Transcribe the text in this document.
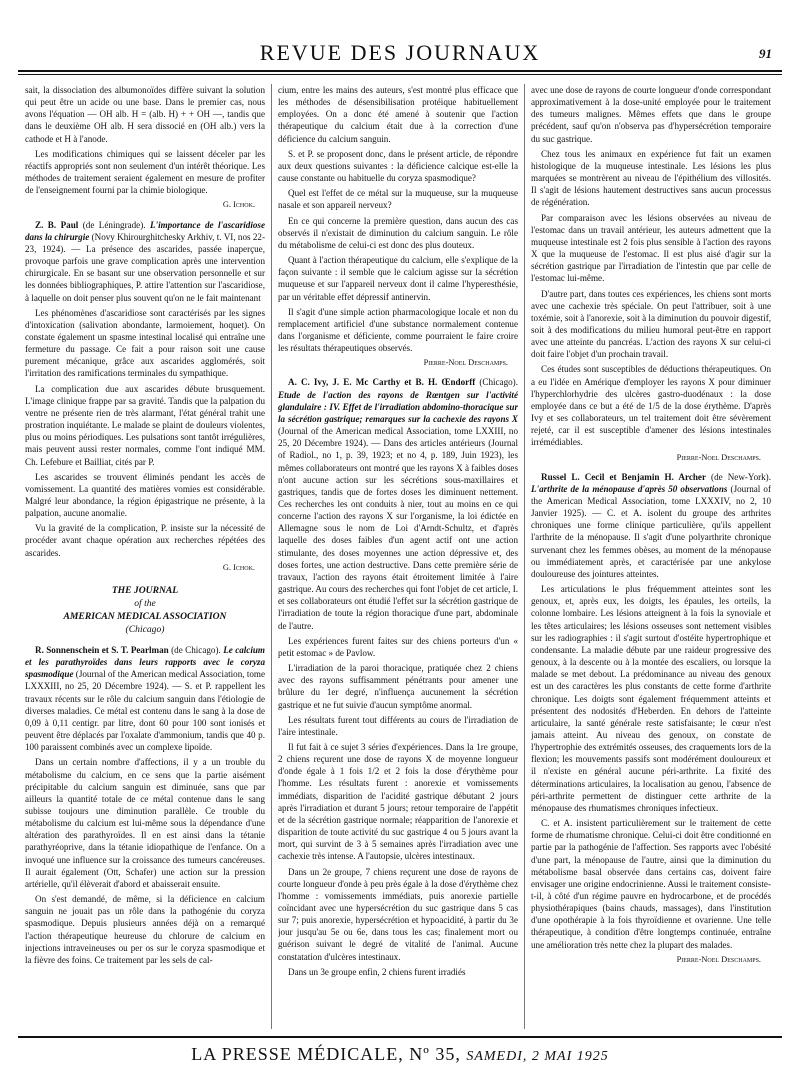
REVUE DES JOURNAUX	91

sait, la dissociation des albumonoïdes diffère suivant la solution qui peut être un acide ou une base. Dans le premier cas, nous avons l'équation — OH alb. H = (alb. H) + + OH —, tandis que dans le deuxième OH alb. H sera dissocié en (OH alb.) vers la cathode et H à l'anode.

Les modifications chimiques qui se laissent déceler par les réactifs appropriés sont non seulement d'un intérêt théorique. Les méthodes de traitement seraient également en mesure de profiter de l'enseignement fourni par la chimie biologique.

G. Ichok.

Z. B. Paul (de Léningrade). L'importance de l'ascaridiose dans la chirurgie (Novy Khirourghitchesky Arkhiv, t. VI, nos 22-23, 1924). — La présence des ascarides, passée inaperçue, provoque parfois une grave complication après une intervention chirurgicale. En se basant sur une observation personnelle et sur les données bibliographiques, P. attire l'attention sur l'ascaridiose, à laquelle on doit penser plus souvent qu'on ne le fait maintenant

Les phénomènes d'ascaridiose sont caractérisés par les signes d'intoxication (salivation abondante, larmoiement, hoquet). On constate également un spasme intestinal localisé qui entraîne une fermeture du passage. Ce fait a pour raison soit une cause purement mécanique, grâce aux ascarides agglomérés, soit l'irritation des ramifications terminales du sympathique.

La complication due aux ascarides débute brusquement. L'image clinique frappe par sa gravité. Tandis que la palpation du ventre ne présente rien de très alarmant, l'état général trahit une prostration inquiétante. Le malade se plaint de douleurs violentes, plus ou moins périodiques. Les pulsations sont tantôt irrégulières, mais peuvent aussi rester normales, comme l'ont indiqué MM. Ch. Lefebure et Bailliat, cités par P.

Les ascarides se trouvent éliminés pendant les accès de vomissement. La quantité des matières vomies est considérable. Malgré leur abondance, la région épigastrique ne présente, à la palpation, aucune anomalie.

Vu la gravité de la complication, P. insiste sur la nécessité de procéder avant chaque opération aux recherches répétées des ascarides.

G. Ichok.

THE JOURNAL
of the
AMERICAN MEDICAL ASSOCIATION
(Chicago)

R. Sonnenschein et S. T. Pearlman (de Chicago). Le calcium et les parathyroïdes dans leurs rapports avec le coryza spasmodique (Journal of the American medical Association, tome LXXXIII, no 25, 20 Décembre 1924). — S. et P. rappellent les travaux récents sur le rôle du calcium sanguin dans l'étiologie de diverses maladies. Ce métal est contenu dans le sang à la dose de 0,09 à 0,11 centigr. par litre, dont 60 pour 100 sont ionisés et peuvent être déplacés par l'oxalate d'ammonium, tandis que 40 p. 100 paraissent combinés avec un complexe lipoïde.

Dans un certain nombre d'affections, il y a un trouble du métabolisme du calcium, en ce sens que la partie aisément précipitable du calcium sanguin est diminuée, sans que par ailleurs la quantité totale de ce métal contenue dans le sang subisse toujours une diminution parallèle. Ce trouble du métabolisme du calcium est lui-même sous la dépendance d'une altération des parathyroïdes. Il en est ainsi dans la tétanie parathyréoprive, dans la tétanie idiopathique de l'enfance. On a invoqué une influence sur la croissance des tumeurs cancéreuses. Il aurait également (Ott, Schafer) une action sur la pression artérielle, qu'il élèverait d'abord et abaisserait ensuite.

On s'est demandé, de même, si la déficience en calcium sanguin ne jouait pas un rôle dans la pathogénie du coryza spasmodique. Depuis plusieurs années déjà on a remarqué l'action thérapeutique heureuse du chlorure de calcium en injections intraveineuses ou per os sur le coryza spasmodique et la fièvre des foins. Ce traitement par les sels de cal-

cium, entre les mains des auteurs, s'est montré plus efficace que les méthodes de désensibilisation protéique habituellement employées. On a donc été amené à soutenir que l'action thérapeutique du calcium était due à la correction d'une déficience du calcium sanguin.

S. et P. se proposent donc, dans le présent article, de répondre aux deux questions suivantes : la déficience calcique est-elle la cause constante ou habituelle du coryza spasmodique?

Quel est l'effet de ce métal sur la muqueuse, sur la muqueuse nasale et son appareil nerveux?

En ce qui concerne la première question, dans aucun des cas observés il n'existait de diminution du calcium sanguin. Le rôle du métabolisme de celui-ci est donc des plus douteux.

Quant à l'action thérapeutique du calcium, elle s'explique de la façon suivante : il semble que le calcium agisse sur la sécrétion muqueuse et sur l'appareil nerveux dont il calme l'hyperesthésie, par un véritable effet dépressif antinervin.

Il s'agit d'une simple action pharmacologique locale et non du remplacement artificiel d'une substance normalement contenue dans l'organisme et déficiente, comme pourraient le faire croire les résultats thérapeutiques observés.

Pierre-Noel Deschamps.

A. C. Ivy, J. E. Mc Carthy et B. H. Œndorff (Chicago). Etude de l'action des rayons de Rœntgen sur l'activité glandulaire : IV. Effet de l'irradiation abdomino-thoracique sur la sécrétion gastrique; remarques sur la cachexie des rayons X (Journal of the American medical Association, tome LXXIII, no 25, 20 Décembre 1924). — Dans des articles antérieurs (Journal of Radiol., no 1, p. 39, 1923; et no 4, p. 189, Juin 1923), les mêmes collaborateurs ont montré que les rayons X à faibles doses n'ont aucune action sur les sécrétions sous-maxillaires et gastriques, tandis que de fortes doses les diminuent nettement. Ces recherches les ont conduits à nier, tout au moins en ce qui concerne l'action des rayons X sur l'organisme, la loi édictée en Allemagne sous le nom de Loi d'Arndt-Schultz, et d'après laquelle des doses faibles d'un agent actif ont une action stimulante, des doses moyennes une action dépressive et, des doses fortes, une action destructive. Dans cette première série de travaux, l'action des rayons était étroitement limitée à l'aire gastrique. Au cours des recherches qui font l'objet de cet article, I. et ses collaborateurs ont étudié l'effet sur la sécrétion gastrique de l'irradiation de toute la région thoracique d'une part, abdominale de l'autre.

Les expériences furent faites sur des chiens porteurs d'un « petit estomac » de Pavlow.

L'irradiation de la paroi thoracique, pratiquée chez 2 chiens avec des rayons suffisamment pénétrants pour amener une brûlure du 1er degré, n'influença aucunement la sécrétion gastrique et ne fut suivie d'aucun symptôme anormal.

Les résultats furent tout différents au cours de l'irradiation de l'aire intestinale.

Il fut fait à ce sujet 3 séries d'expériences. Dans la 1re groupe, 2 chiens reçurent une dose de rayons X de moyenne longueur d'onde égale à 1 fois 1/2 et 2 fois la dose d'érythème pour l'homme. Les résultats furent : anorexie et vomissements immédiats, disparition de l'acidité gastrique débutant 2 jours après l'irradiation et durant 5 jours; retour temporaire de l'appétit et de la sécrétion gastrique normale; réapparition de l'anorexie et disparition de toute activité du suc gastrique 4 ou 5 jours avant la mort, qui survint de 3 à 5 semaines après l'irradiation avec une cachexie très intense. A l'autopsie, ulcères intestinaux.

Dans un 2e groupe, 7 chiens reçurent une dose de rayons de courte longueur d'onde à peu près égale à la dose d'érythème chez l'homme : vomissements immédiats, puis anorexie partielle coïncidant avec une hypersécrétion du suc gastrique dans 5 cas sur 7; puis anorexie, hypersécrétion et hypoacidité, à partir du 3e jour jusqu'au 5e ou 6e, dans tous les cas; finalement mort ou guérison suivant le degré de vitalité de l'animal. Aucune constatation d'ulcères intestinaux.

Dans un 3e groupe enfin, 2 chiens furent irradiés

avec une dose de rayons de courte longueur d'onde correspondant approximativement à la dose-unité employée pour le traitement des tumeurs malignes. Mêmes effets que dans le groupe précédent, sauf qu'on n'observa pas d'hypersécrétion temporaire du suc gastrique.

Chez tous les animaux en expérience fut fait un examen histologique de la muqueuse intestinale. Les lésions les plus marquées se montrèrent au niveau de l'épithélium des villosités. Il s'agit de lésions hautement destructives sans aucun processus de régénération.

Par comparaison avec les lésions observées au niveau de l'estomac dans un travail antérieur, les auteurs admettent que la muqueuse intestinale est 2 fois plus sensible à l'action des rayons X que la muqueuse de l'estomac. Il est plus aisé d'agir sur la sécrétion gastrique par l'irradiation de l'intestin que par celle de l'estomac lui-même.

D'autre part, dans toutes ces expériences, les chiens sont morts avec une cachexie très spéciale. On peut l'attribuer, soit à une toxémie, soit à l'anorexie, soit à la diminution du pouvoir digestif, soit à des modifications du milieu humoral peut-être en rapport avec une atteinte du pancréas. L'action des rayons X sur celui-ci doit faire l'objet d'un prochain travail.

Ces études sont susceptibles de déductions thérapeutiques. On a eu l'idée en Amérique d'employer les rayons X pour diminuer l'hyperchlorhydrie des ulcères gastro-duodénaux : la dose employée dans ce but a été de 1/5 de la dose érythème. D'après Ivy et ses collaborateurs, un tel traitement doit être sévèrement rejeté, car il est susceptible d'amener des lésions intestinales irrémédiables.

Pierre-Noel Deschamps.

Russel L. Cecil et Benjamin H. Archer (de New-York). L'arthrite de la ménopause d'après 50 observations (Journal of the American Medical Association, tome LXXXIV, no 2, 10 Janvier 1925). — C. et A. isolent du groupe des arthrites chroniques une forme clinique particulière, qu'ils appellent l'arthrite de la ménopause. Il s'agit d'une polyarthrite chronique survenant chez les femmes obèses, au moment de la ménopause ou immédiatement après, et caractérisée par une ankylose douloureuse des jointures atteintes.

Les articulations le plus fréquemment atteintes sont les genoux, et, après eux, les doigts, les épaules, les orteils, la colonne lombaire. Les lésions atteignent à la fois la synoviale et les têtes articulaires; les lésions osseuses sont nettement visibles sur les radiographies : il s'agit surtout d'ostéite hypertrophique et condensante. La maladie débute par une raideur progressive des genoux, à la descente ou à la montée des escaliers, ou lorsque la malade se met debout. La prédominance au niveau des genoux est un des caractères les plus constants de cette forme d'arthrite chronique. Les doigts sont également fréquemment atteints et présentent des nodosités d'Heberden. En dehors de l'atteinte articulaire, la santé générale reste satisfaisante; le cœur n'est jamais atteint. Au niveau des genoux, on constate de l'hypertrophie des extrémités osseuses, des craquements lors de la flexion; les mouvements passifs sont modérément douloureux et il n'existe en général aucune péri-arthrite. La fixité des déterminations articulaires, la localisation au genou, l'absence de péri-arthrite permettent de distinguer cette arthrite de la ménopause des rhumatismes chroniques infectieux.

C. et A. insistent particulièrement sur le traitement de cette forme de rhumatisme chronique. Celui-ci doit être conditionné en partie par la pathogénie de l'affection. Ses rapports avec l'obésité d'une part, la ménopause de l'autre, ainsi que la diminution du métabolisme basal observée dans certains cas, doivent faire envisager une origine endocrinienne. Aussi le traitement consiste-t-il, à côté d'un régime pauvre en hydrocarbone, et de procédés physiothérapiques (bains chauds, massages), dans l'institution d'une opothérapie à la fois thyroïdienne et ovarienne. Une telle thérapeutique, à condition d'être longtemps continuée, entraîne une amélioration très nette chez la plupart des malades.

Pierre-Noel Deschamps.

LA PRESSE MÉDICALE, Nº 35, SAMEDI, 2 MAI 1925
